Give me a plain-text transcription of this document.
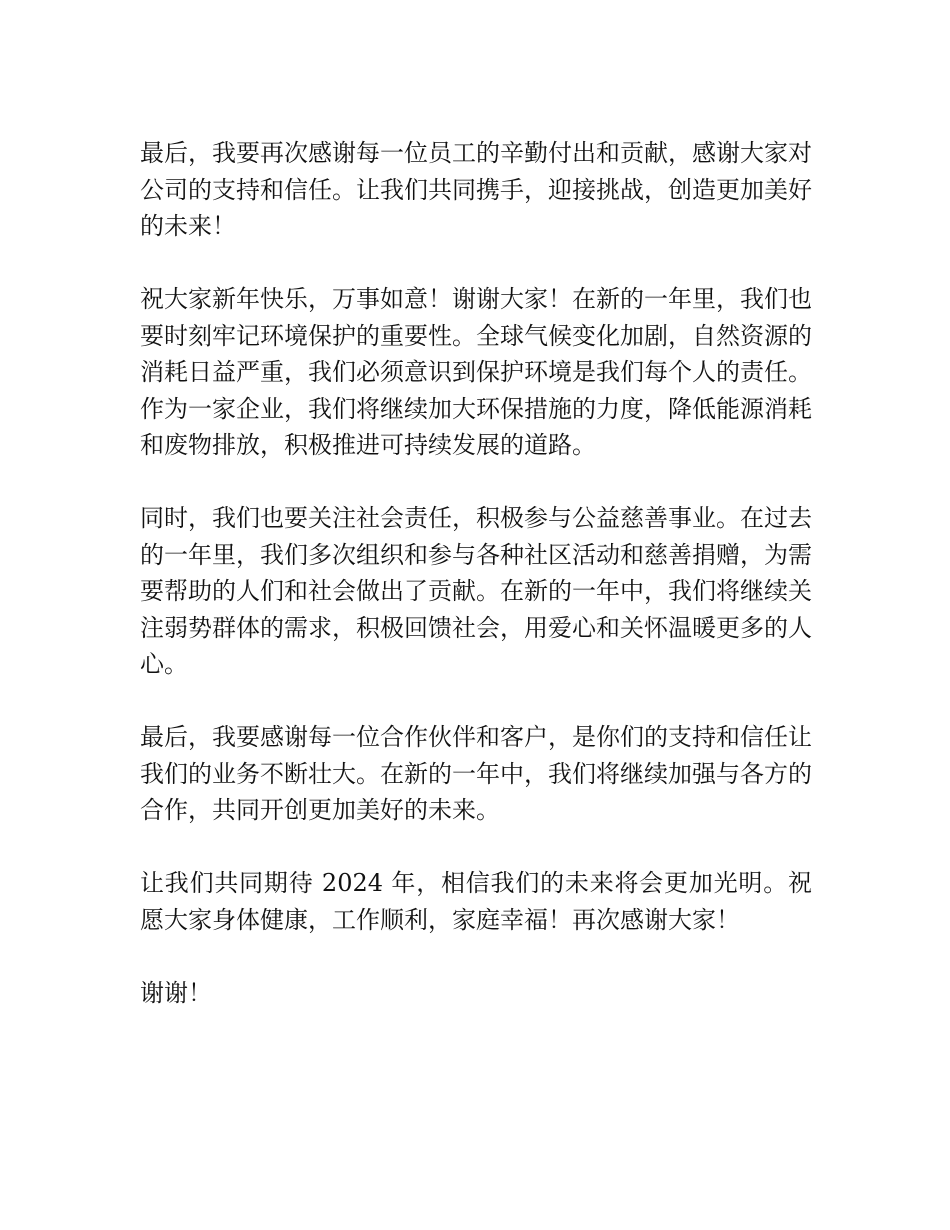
最后，我要再次感谢每一位员工的辛勤付出和贡献，感谢大家对公司的支持和信任。让我们共同携手，迎接挑战，创造更加美好的未来！

祝大家新年快乐，万事如意！谢谢大家！在新的一年里，我们也要时刻牢记环境保护的重要性。全球气候变化加剧，自然资源的消耗日益严重，我们必须意识到保护环境是我们每个人的责任。作为一家企业，我们将继续加大环保措施的力度，降低能源消耗和废物排放，积极推进可持续发展的道路。

同时，我们也要关注社会责任，积极参与公益慈善事业。在过去的一年里，我们多次组织和参与各种社区活动和慈善捐赠，为需要帮助的人们和社会做出了贡献。在新的一年中，我们将继续关注弱势群体的需求，积极回馈社会，用爱心和关怀温暖更多的人心。

最后，我要感谢每一位合作伙伴和客户，是你们的支持和信任让我们的业务不断壮大。在新的一年中，我们将继续加强与各方的合作，共同开创更加美好的未来。

让我们共同期待 2024 年，相信我们的未来将会更加光明。祝愿大家身体健康，工作顺利，家庭幸福！再次感谢大家！

谢谢！
